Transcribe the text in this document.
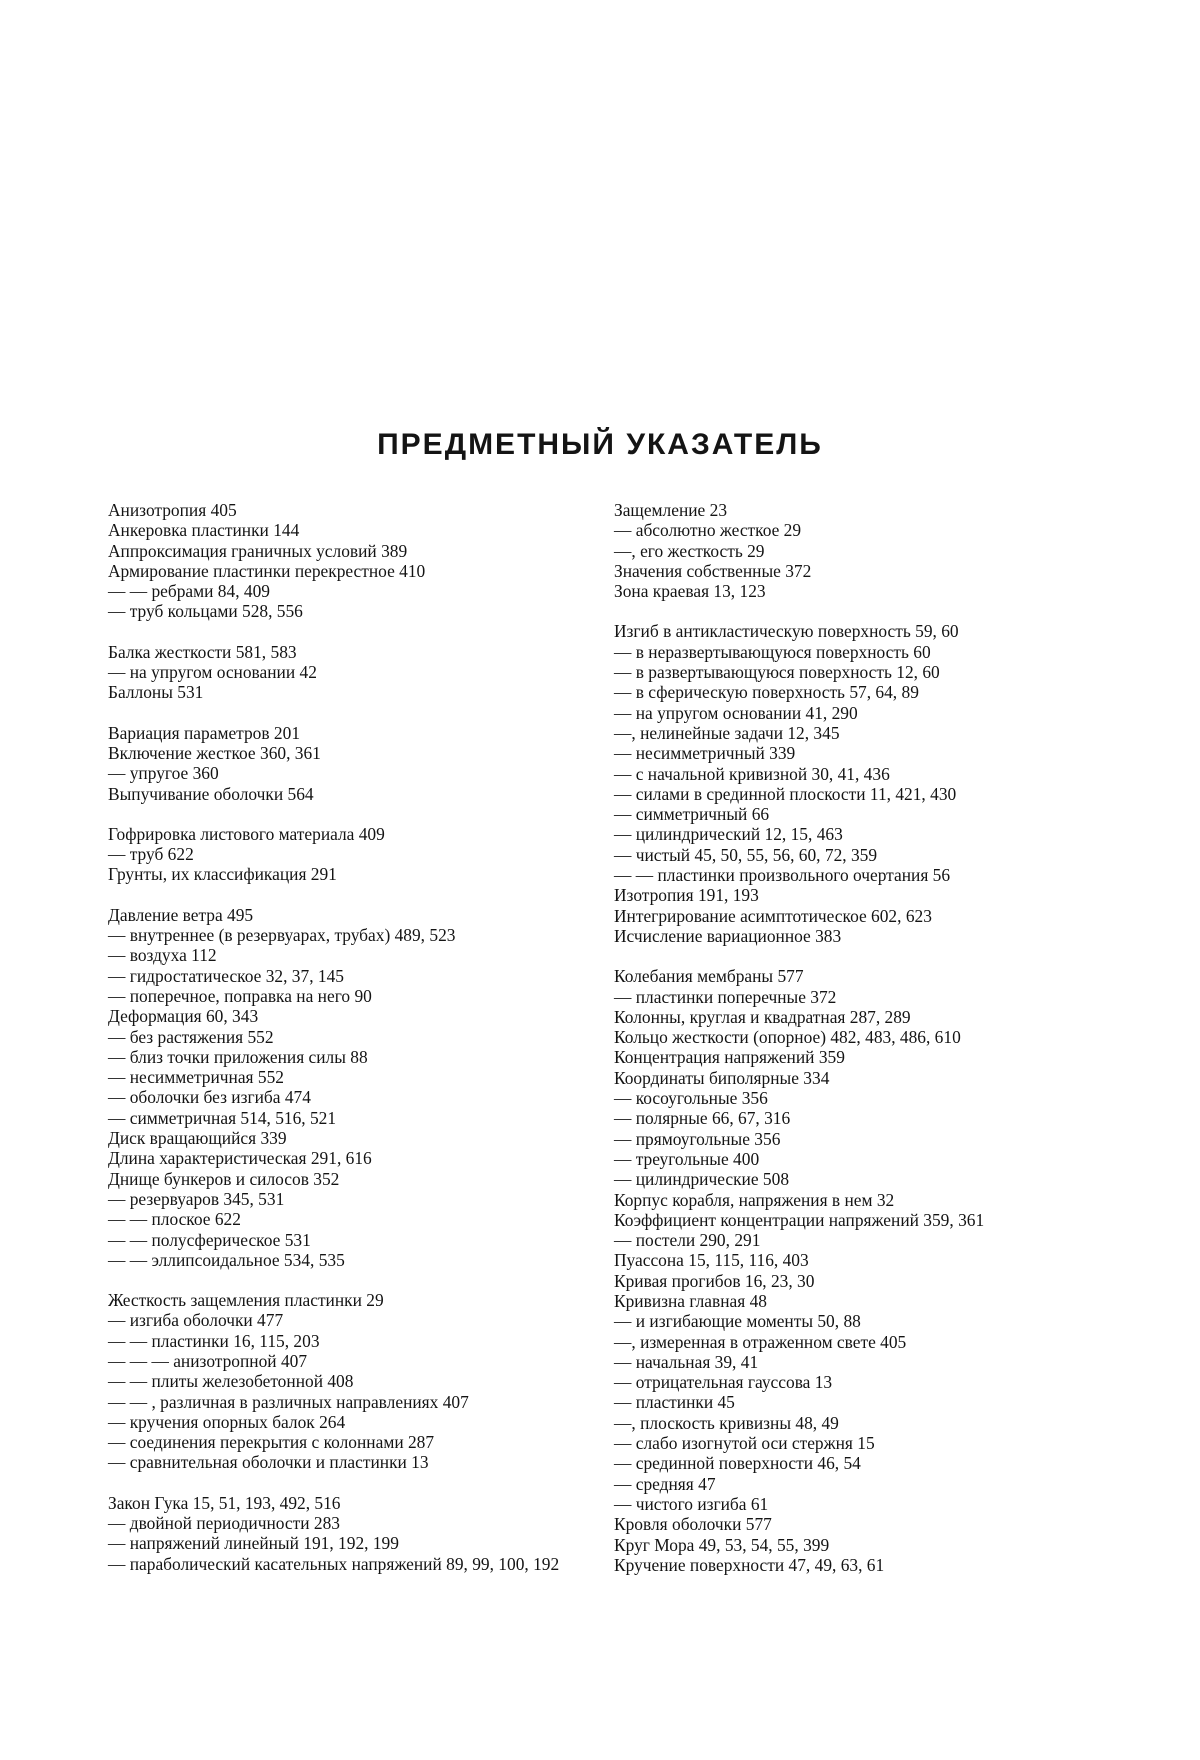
ПРЕДМЕТНЫЙ УКАЗАТЕЛЬ
Анизотропия 405
Анкеровка пластинки 144
Аппроксимация граничных условий 389
Армирование пластинки перекрестное 410
— — ребрами 84, 409
— труб кольцами 528, 556
Балка жесткости 581, 583
— на упругом основании 42
Баллоны 531
Вариация параметров 201
Включение жесткое 360, 361
— упругое 360
Выпучивание оболочки 564
Гофрировка листового материала 409
— труб 622
Грунты, их классификация 291
Давление ветра 495
— внутреннее (в резервуарах, трубах) 489, 523
— воздуха 112
— гидростатическое 32, 37, 145
— поперечное, поправка на него 90
Деформация 60, 343
— без растяжения 552
— близ точки приложения силы 88
— несимметричная 552
— оболочки без изгиба 474
— симметричная 514, 516, 521
Диск вращающийся 339
Длина характеристическая 291, 616
Днище бункеров и силосов 352
— резервуаров 345, 531
— — плоское 622
— — полусферическое 531
— — эллипсоидальное 534, 535
Жесткость защемления пластинки 29
— изгиба оболочки 477
— — пластинки 16, 115, 203
— — — анизотропной 407
— — плиты железобетонной 408
— — , различная в различных направлениях 407
— кручения опорных балок 264
— соединения перекрытия с колоннами 287
— сравнительная оболочки и пластинки 13
Закон Гука 15, 51, 193, 492, 516
— двойной периодичности 283
— напряжений линейный 191, 192, 199
— параболический касательных напряжений 89, 99, 100, 192
Защемление 23
— абсолютно жесткое 29
—, его жесткость 29
Значения собственные 372
Зона краевая 13, 123
Изгиб в антикластическую поверхность 59, 60
— в неразвертывающуюся поверхность 60
— в развертывающуюся поверхность 12, 60
— в сферическую поверхность 57, 64, 89
— на упругом основании 41, 290
—, нелинейные задачи 12, 345
— несимметричный 339
— с начальной кривизной 30, 41, 436
— силами в срединной плоскости 11, 421, 430
— симметричный 66
— цилиндрический 12, 15, 463
— чистый 45, 50, 55, 56, 60, 72, 359
— — пластинки произвольного очертания 56
Изотропия 191, 193
Интегрирование асимптотическое 602, 623
Исчисление вариационное 383
Колебания мембраны 577
— пластинки поперечные 372
Колонны, круглая и квадратная 287, 289
Кольцо жесткости (опорное) 482, 483, 486, 610
Концентрация напряжений 359
Координаты биполярные 334
— косоугольные 356
— полярные 66, 67, 316
— прямоугольные 356
— треугольные 400
— цилиндрические 508
Корпус корабля, напряжения в нем 32
Коэффициент концентрации напряжений 359, 361
— постели 290, 291
Пуассона 15, 115, 116, 403
Кривая прогибов 16, 23, 30
Кривизна главная 48
— и изгибающие моменты 50, 88
—, измеренная в отраженном свете 405
— начальная 39, 41
— отрицательная гауссова 13
— пластинки 45
—, плоскость кривизны 48, 49
— слабо изогнутой оси стержня 15
— срединной поверхности 46, 54
— средняя 47
— чистого изгиба 61
Кровля оболочки 577
Круг Мора 49, 53, 54, 55, 399
Кручение поверхности 47, 49, 63, 61
